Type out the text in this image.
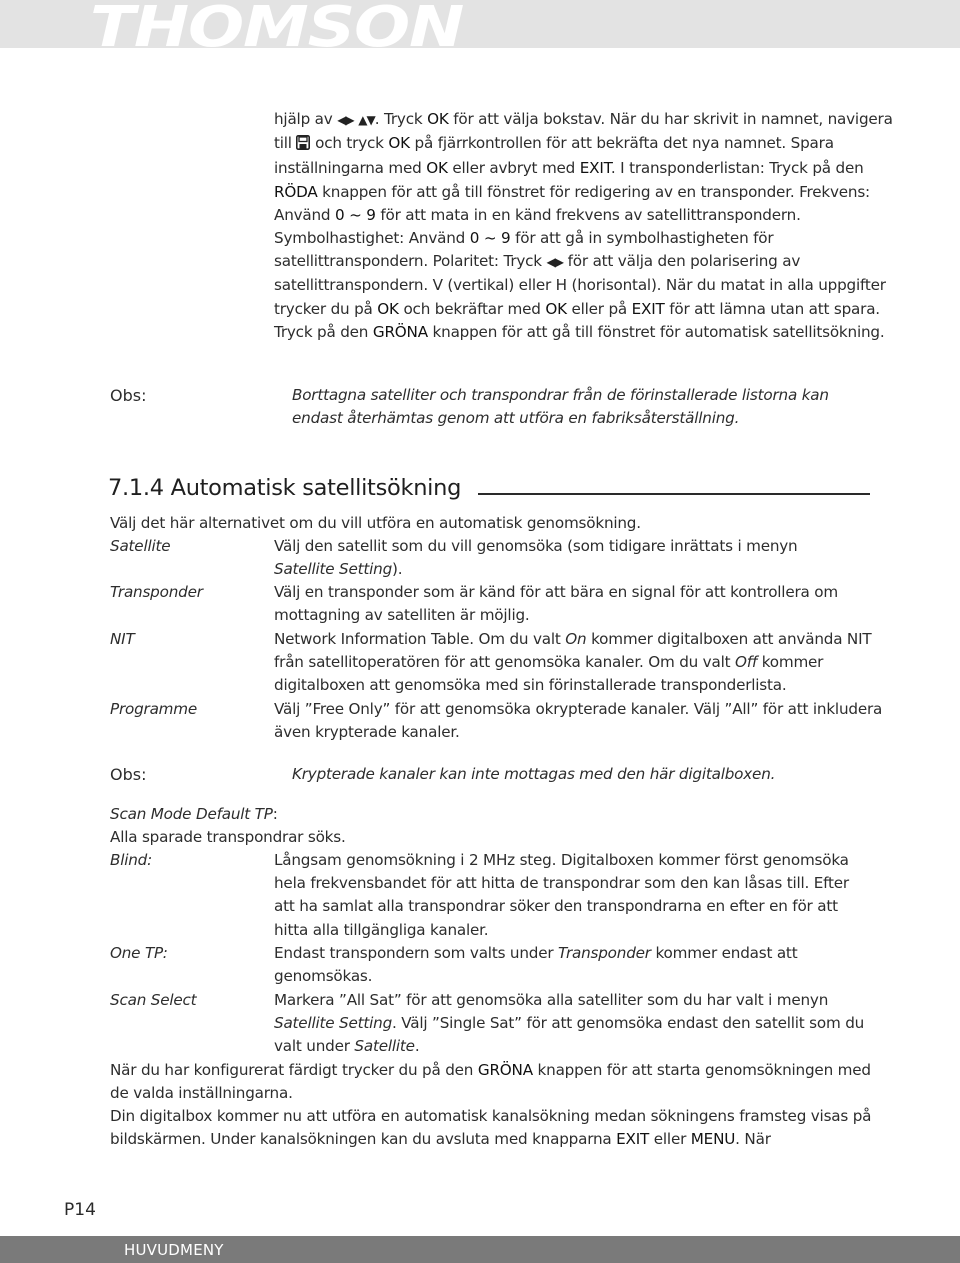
THOMSON

hjälp av ◀▶ ▲▼. Tryck OK för att välja bokstav. När du har skrivit in namnet, navigera till och tryck OK på fjärrkontrollen för att bekräfta det nya namnet. Spara inställningarna med OK eller avbryt med EXIT. I transponderlistan: Tryck på den RÖDA knappen för att gå till fönstret för redigering av en transponder. Frekvens: Använd 0 ~ 9 för att mata in en känd frekvens av satellittranspondern. Symbolhastighet: Använd 0 ~ 9 för att gå in symbolhastigheten för satellittranspondern. Polaritet: Tryck ◀▶ för att välja den polarisering av satellittranspondern. V (vertikal) eller H (horisontal). När du matat in alla uppgifter trycker du på OK och bekräftar med OK eller på EXIT för att lämna utan att spara. Tryck på den GRÖNA knappen för att gå till fönstret för automatisk satellitsökning.

Obs:	Borttagna satelliter och transpondrar från de förinstallerade listorna kan endast återhämtas genom att utföra en fabriksåterställning.

7.1.4 Automatisk satellitsökning

Välj det här alternativet om du vill utföra en automatisk genomsökning.

Satellite	Välj den satellit som du vill genomsöka (som tidigare inrättats i menyn
Satellite Setting).

Transponder	Välj en transponder som är känd för att bära en signal för att kontrollera om mottagning av satelliten är möjlig.

NIT	Network Information Table. Om du valt On kommer digitalboxen att använda NIT från satellitoperatören för att genomsöka kanaler. Om du valt Off kommer digitalboxen att genomsöka med sin förinstallerade transponderlista.

Programme	Välj ”Free Only” för att genomsöka okrypterade kanaler. Välj ”All” för att inkludera även krypterade kanaler.

Obs:	Krypterade kanaler kan inte mottagas med den här digitalboxen.

Scan Mode Default TP:

Alla sparade transpondrar söks.

Blind:	Långsam genomsökning i 2 MHz steg. Digitalboxen kommer först genomsöka hela frekvensbandet för att hitta de transpondrar som den kan låsas till. Efter att ha samlat alla transpondrar söker den transpondrarna en efter en för att hitta alla tillgängliga kanaler.

One TP:	Endast transpondern som valts under Transponder kommer endast att genomsökas.

Scan Select	Markera ”All Sat” för att genomsöka alla satelliter som du har valt i menyn Satellite Setting. Välj ”Single Sat” för att genomsöka endast den satellit som du valt under Satellite.

När du har konfigurerat färdigt trycker du på den GRÖNA knappen för att starta genomsökningen med de valda inställningarna.

Din digitalbox kommer nu att utföra en automatisk kanalsökning medan sökningens framsteg visas på bildskärmen. Under kanalsökningen kan du avsluta med knapparna EXIT eller MENU. När

P14
HUVUDMENY
